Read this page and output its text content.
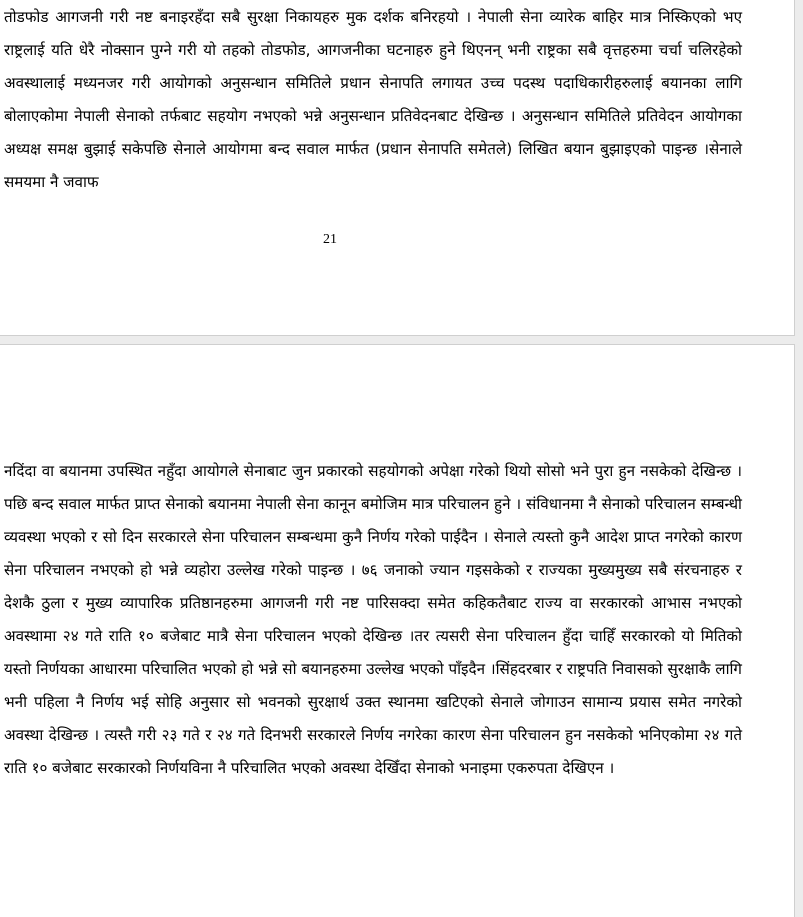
तोडफोड आगजनी गरी नष्ट बनाइरहँदा सबै सुरक्षा निकायहरु मुक दर्शक बनिरहयो । नेपाली सेना व्यारेक बाहिर मात्र निस्किएको भए राष्ट्रलाई यति धेरै नोक्सान पुग्ने गरी यो तहको तोडफोड, आगजनीका घटनाहरु हुने थिएनन् भनी राष्ट्रका सबै वृत्तहरुमा चर्चा चलिरहेको अवस्थालाई मध्यनजर गरी आयोगको अनुसन्धान समितिले प्रधान सेनापति लगायत उच्च पदस्थ पदाधिकारीहरुलाई बयानका लागि बोलाएकोमा नेपाली सेनाको तर्फबाट सहयोग नभएको भन्ने अनुसन्धान प्रतिवेदनबाट देखिन्छ । अनुसन्धान समितिले प्रतिवेदन आयोगका अध्यक्ष समक्ष बुझाई सकेपछि सेनाले आयोगमा बन्द सवाल मार्फत (प्रधान सेनापति समेतले) लिखित बयान बुझाइएको पाइन्छ ।सेनाले समयमा नै जवाफ

21

नदिंदा वा बयानमा उपस्थित नहुँदा आयोगले सेनाबाट जुन प्रकारको सहयोगको अपेक्षा गरेको थियो सोसो भने पुरा हुन नसकेको देखिन्छ । पछि बन्द सवाल मार्फत प्राप्त सेनाको बयानमा नेपाली सेना कानून बमोजिम मात्र परिचालन हुने । संविधानमा नै सेनाको परिचालन सम्बन्धी व्यवस्था भएको र सो दिन सरकारले सेना परिचालन सम्बन्धमा कुनै निर्णय गरेको पाईदैन । सेनाले त्यस्तो कुनै आदेश प्राप्त नगरेको कारण सेना परिचालन नभएको हो भन्ने व्यहोरा उल्लेख गरेको पाइन्छ । ७६ जनाको ज्यान गइसकेको र राज्यका मुख्यमुख्य सबै संरचनाहरु र देशकै ठुला र मुख्य व्यापारिक प्रतिष्ठानहरुमा आगजनी गरी नष्ट पारिसक्दा समेत कहिकतैबाट राज्य वा सरकारको आभास नभएको अवस्थामा २४ गते राति १० बजेबाट मात्रै सेना परिचालन भएको देखिन्छ ।तर त्यसरी सेना परिचालन हुँदा चाहिँ सरकारको यो मितिको यस्तो निर्णयका आधारमा परिचालित भएको हो भन्ने सो बयानहरुमा उल्लेख भएको पाँइदैन ।सिंहदरबार र राष्ट्रपति निवासको सुरक्षाकै लागि भनी पहिला नै निर्णय भई सोहि अनुसार सो भवनको सुरक्षार्थ उक्त स्थानमा खटिएको सेनाले जोगाउन सामान्य प्रयास समेत नगरेको अवस्था देखिन्छ । त्यस्तै गरी २३ गते र २४ गते दिनभरी सरकारले निर्णय नगरेका कारण सेना परिचालन हुन नसकेको भनिएकोमा २४ गते राति १० बजेबाट सरकारको निर्णयविना नै परिचालित भएको अवस्था देखिँदा सेनाको भनाइमा एकरुपता देखिएन ।
